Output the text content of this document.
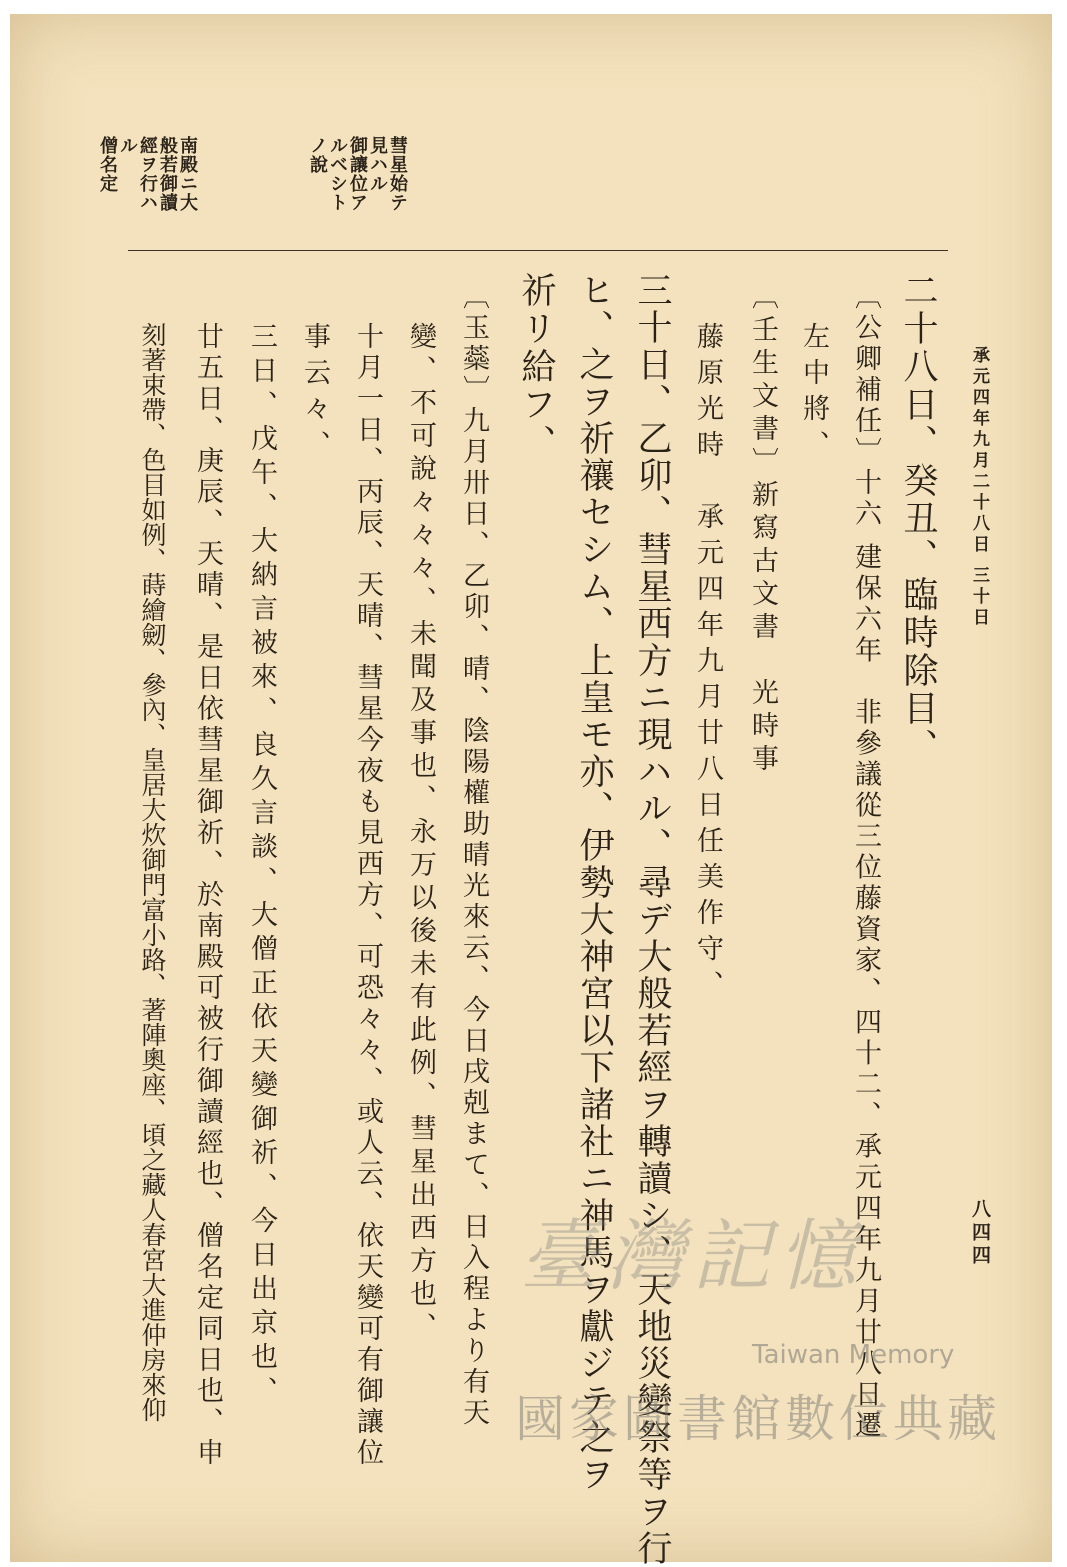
承元四年九月二十八日 三十日
八四四
彗星始テ
見ハル
御讓位ア
ルベシト
ノ說
南殿ニ大
般若御讀
經ヲ行ハ
ル
僧名定
二十八日、癸丑、臨時除目、
〔公卿補任〕十六 建保六年　非參議從三位藤資家、四十二、承元四年九月廿八日遷
左中將、
〔壬生文書〕新寫古文書　光時事
藤原光時　承元四年九月廿八日任美作守、
三十日、乙卯、彗星西方ニ現ハル、尋デ大般若經ヲ轉讀シ、天地災變祭等ヲ行
ヒ、之ヲ祈禳セシム、上皇モ亦、伊勢大神宮以下諸社ニ神馬ヲ獻ジテ之ヲ
祈リ給フ、
〔玉蘂〕九月卅日、乙卯、晴、陰陽權助晴光來云、今日戌剋まて、日入程より有天
變、不可說々々々、未聞及事也、永万以後未有此例、彗星出西方也、
十月一日、丙辰、天晴、彗星今夜も見西方、可恐々々、或人云、依天變可有御讓位
事云々、
三日、戊午、大納言被來、良久言談、大僧正依天變御祈、今日出京也、
廿五日、庚辰、天晴、是日依彗星御祈、於南殿可被行御讀經也、僧名定同日也、申
刻著束帶、色目如例、蒔繪劒、參內、皇居大炊御門富小路、著陣奧座、頃之藏人春宮大進仲房來仰	臺灣記憶
Taiwan Memory
國家圖書館數位典藏
